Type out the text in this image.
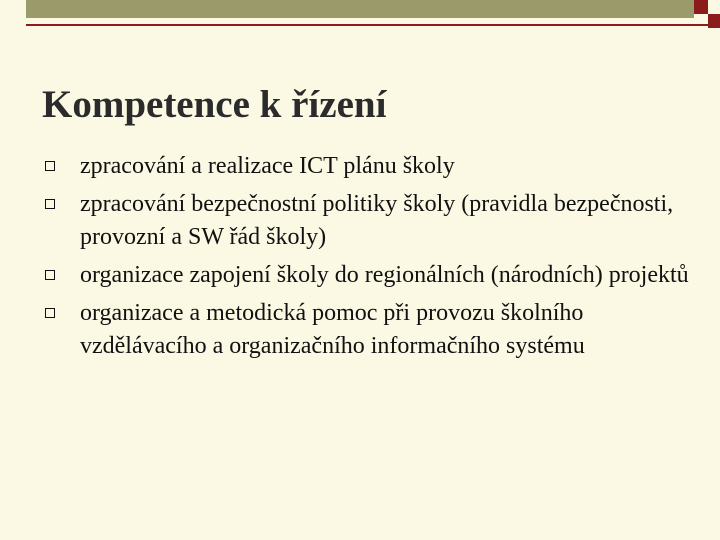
Kompetence k řízení
zpracování a realizace ICT plánu školy
zpracování bezpečnostní politiky školy (pravidla bezpečnosti, provozní a SW řád školy)
organizace zapojení školy do regionálních (národních) projektů
organizace a metodická pomoc při provozu školního vzdělávacího a organizačního informačního systému
